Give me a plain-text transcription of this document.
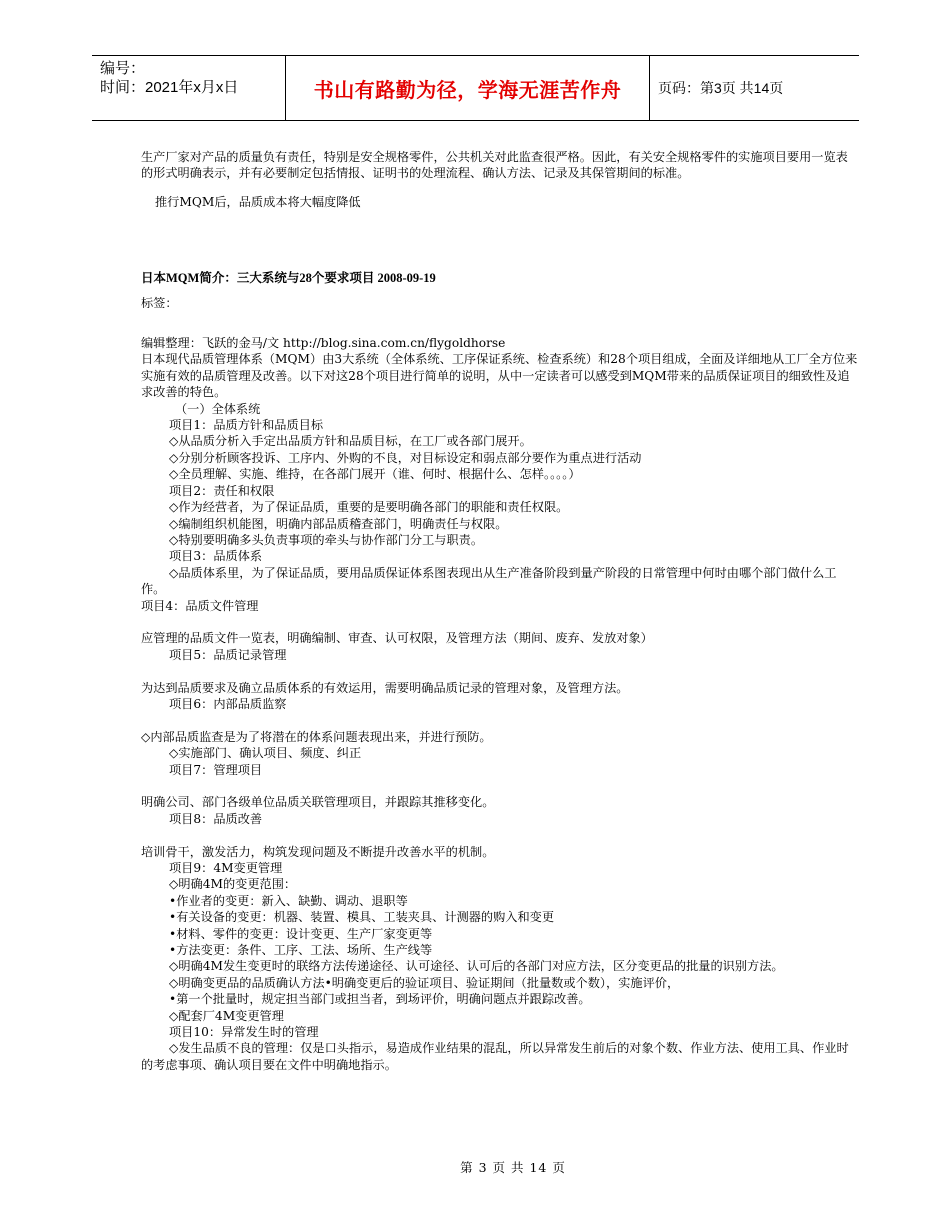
编号：
时间：2021年x月x日	书山有路勤为径，学海无涯苦作舟	页码：第3页 共14页

生产厂家对产品的质量负有责任，特别是安全规格零件，公共机关对此监查很严格。因此，有关安全规格零件的实施项目要用一览表的形式明确表示，并有必要制定包括情报、证明书的处理流程、确认方法、记录及其保管期间的标准。

推行MQM后，品质成本将大幅度降低

日本MQM简介：三大系统与28个要求项目 2008-09-19

标签：

编辑整理：飞跃的金马/文 http://blog.sina.com.cn/flygoldhorse

日本现代品质管理体系（MQM）由3大系统（全体系统、工序保证系统、检查系统）和28个项目组成，全面及详细地从工厂全方位来实施有效的品质管理及改善。以下对这28个项目进行简单的说明，从中一定读者可以感受到MQM带来的品质保证项目的细致性及追求改善的特色。

（一）全体系统

项目1：品质方针和品质目标

◇从品质分析入手定出品质方针和品质目标，在工厂或各部门展开。

◇分别分析顾客投诉、工序内、外购的不良，对目标设定和弱点部分要作为重点进行活动

◇全员理解、实施、维持，在各部门展开（谁、何时、根据什么、怎样。。。。）

项目2：责任和权限

◇作为经营者，为了保证品质，重要的是要明确各部门的职能和责任权限。

◇编制组织机能图，明确内部品质稽查部门，明确责任与权限。

◇特别要明确多头负责事项的牵头与协作部门分工与职责。

项目3：品质体系

◇品质体系里，为了保证品质，要用品质保证体系图表现出从生产准备阶段到量产阶段的日常管理中何时由哪个部门做什么工作。

项目4：品质文件管理

应管理的品质文件一览表，明确编制、审查、认可权限，及管理方法（期间、废弃、发放对象）

项目5：品质记录管理

为达到品质要求及确立品质体系的有效运用，需要明确品质记录的管理对象，及管理方法。

项目6：内部品质监察

◇内部品质监查是为了将潜在的体系问题表现出来，并进行预防。

◇实施部门、确认项目、频度、纠正

项目7：管理项目

明确公司、部门各级单位品质关联管理项目，并跟踪其推移变化。

项目8：品质改善

培训骨干，激发活力，构筑发现问题及不断提升改善水平的机制。

项目9：4M变更管理

◇明确4M的变更范围：

•作业者的变更：新入、缺勤、调动、退职等

•有关设备的变更：机器、装置、模具、工装夹具、计测器的购入和变更

•材料、零件的变更：设计变更、生产厂家变更等

•方法变更：条件、工序、工法、场所、生产线等

◇明确4M发生变更时的联络方法传递途径、认可途径、认可后的各部门对应方法，区分变更品的批量的识别方法。

◇明确变更品的品质确认方法•明确变更后的验证项目、验证期间（批量数或个数），实施评价，

•第一个批量时，规定担当部门或担当者，到场评价，明确问题点并跟踪改善。

◇配套厂4M变更管理

项目10：异常发生时的管理

◇发生品质不良的管理：仅是口头指示，易造成作业结果的混乱，所以异常发生前后的对象个数、作业方法、使用工具、作业时的考虑事项、确认项目要在文件中明确地指示。

第 3 页 共 14 页
